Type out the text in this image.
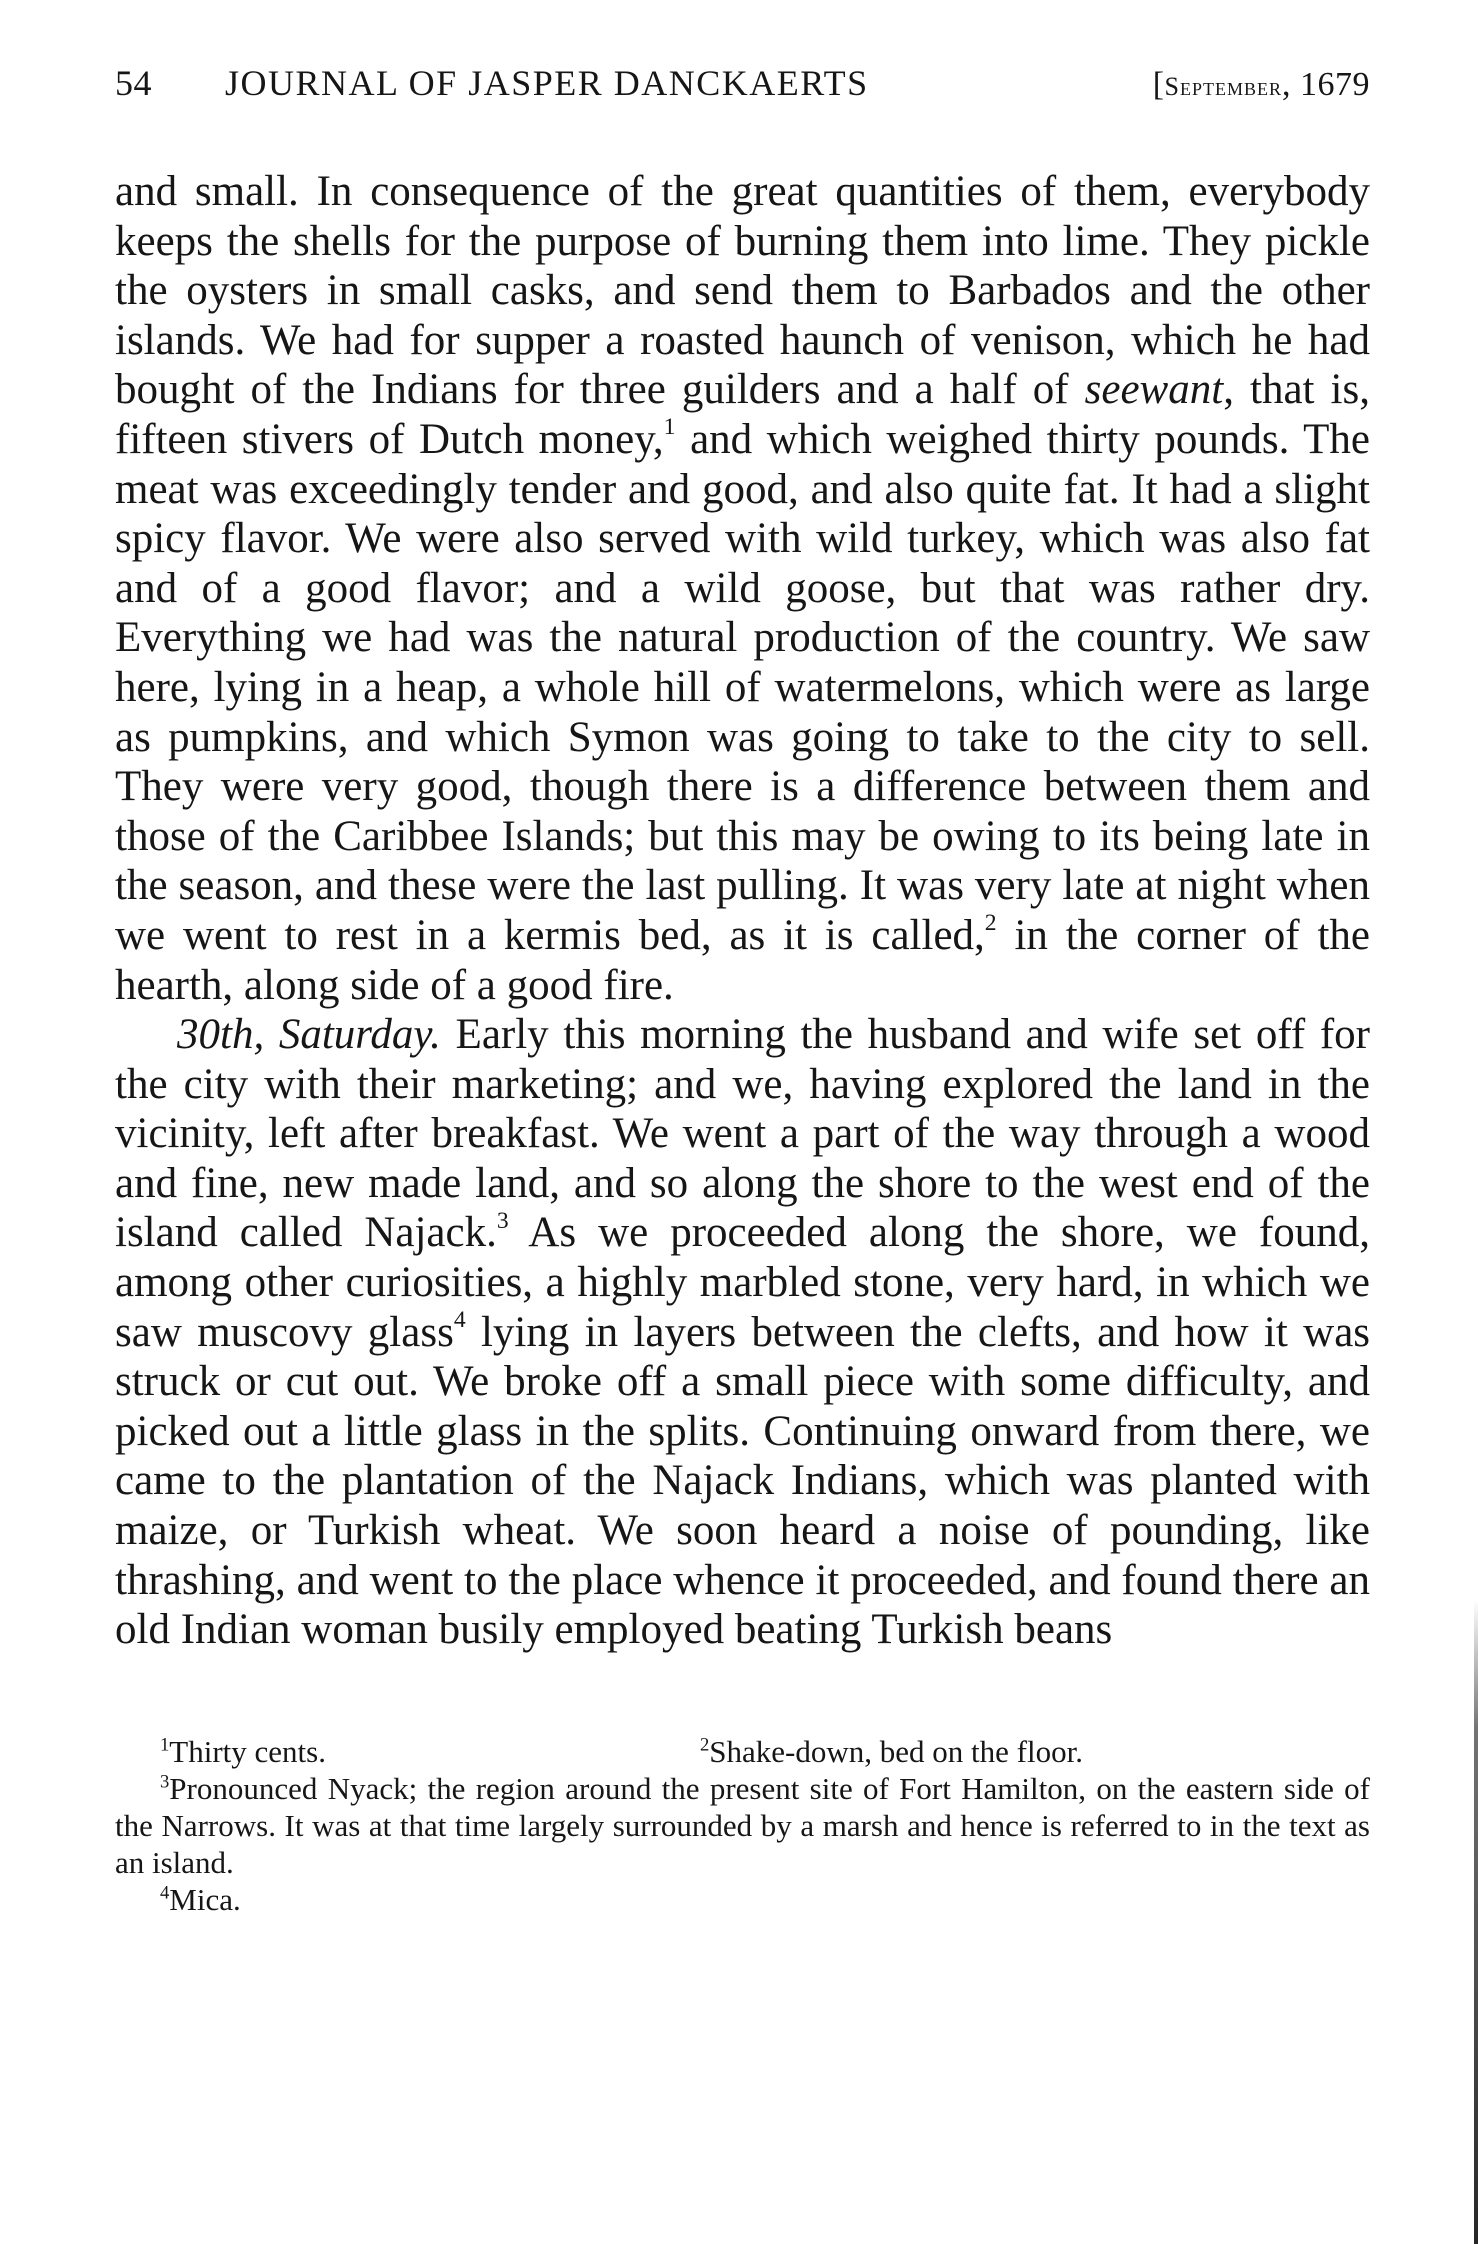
54	JOURNAL OF JASPER DANCKAERTS	[September, 1679

and small. In consequence of the great quantities of them, everybody keeps the shells for the purpose of burning them into lime. They pickle the oysters in small casks, and send them to Barbados and the other islands. We had for supper a roasted haunch of venison, which he had bought of the Indians for three guilders and a half of seewant, that is, fifteen stivers of Dutch money,$^1$ and which weighed thirty pounds. The meat was exceedingly tender and good, and also quite fat. It had a slight spicy flavor. We were also served with wild turkey, which was also fat and of a good flavor; and a wild goose, but that was rather dry. Everything we had was the natural production of the country. We saw here, lying in a heap, a whole hill of watermelons, which were as large as pumpkins, and which Symon was going to take to the city to sell. They were very good, though there is a difference between them and those of the Caribbee Islands; but this may be owing to its being late in the season, and these were the last pulling. It was very late at night when we went to rest in a kermis bed, as it is called,$^2$ in the corner of the hearth, along side of a good fire.

30th, Saturday. Early this morning the husband and wife set off for the city with their marketing; and we, having explored the land in the vicinity, left after breakfast. We went a part of the way through a wood and fine, new made land, and so along the shore to the west end of the island called Najack.$^3$ As we proceeded along the shore, we found, among other curiosities, a highly marbled stone, very hard, in which we saw muscovy glass$^4$ lying in layers between the clefts, and how it was struck or cut out. We broke off a small piece with some difficulty, and picked out a little glass in the splits. Continuing onward from there, we came to the plantation of the Najack Indians, which was planted with maize, or Turkish wheat. We soon heard a noise of pounding, like thrashing, and went to the place whence it proceeded, and found there an old Indian woman busily employed beating Turkish beans

$^1$Thirty cents.	$^2$Shake-down, bed on the floor.

$^3$Pronounced Nyack; the region around the present site of Fort Hamilton, on the eastern side of the Narrows. It was at that time largely surrounded by a marsh and hence is referred to in the text as an island.

$^4$Mica.
